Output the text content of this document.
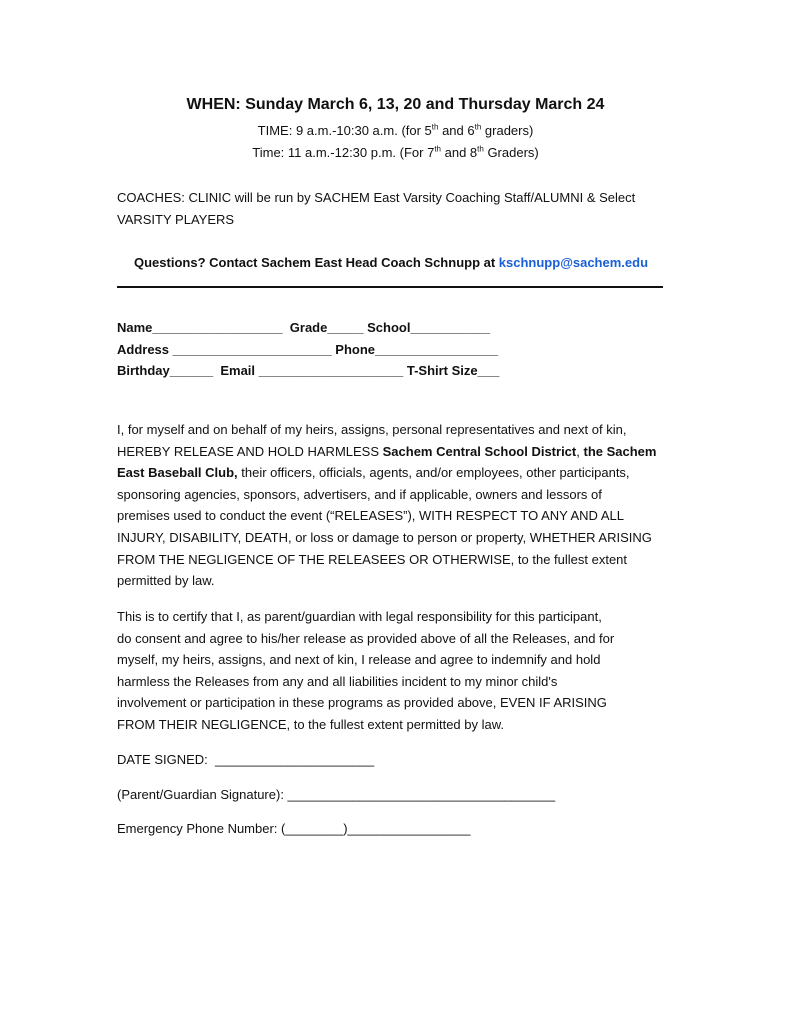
WHEN: Sunday March 6, 13, 20 and Thursday March 24
TIME: 9 a.m.-10:30 a.m. (for 5th and 6th graders)
Time: 11 a.m.-12:30 p.m. (For 7th and 8th Graders)
COACHES: CLINIC will be run by SACHEM East Varsity Coaching Staff/ALUMNI & Select
VARSITY PLAYERS
Questions? Contact Sachem East Head Coach Schnupp at kschnupp@sachem.edu
Name__________________  Grade_____ School___________
Address ______________________ Phone_________________
Birthday______  Email ____________________ T-Shirt Size___
I, for myself and on behalf of my heirs, assigns, personal representatives and next of kin,
HEREBY RELEASE AND HOLD HARMLESS Sachem Central School District, the Sachem
East Baseball Club, their officers, officials, agents, and/or employees, other participants,
sponsoring agencies, sponsors, advertisers, and if applicable, owners and lessors of
premises used to conduct the event (“RELEASES”), WITH RESPECT TO ANY AND ALL
INJURY, DISABILITY, DEATH, or loss or damage to person or property, WHETHER ARISING
FROM THE NEGLIGENCE OF THE RELEASEES OR OTHERWISE, to the fullest extent
permitted by law.
This is to certify that I, as parent/guardian with legal responsibility for this participant,
do consent and agree to his/her release as provided above of all the Releases, and for
myself, my heirs, assigns, and next of kin, I release and agree to indemnify and hold
harmless the Releases from any and all liabilities incident to my minor child's
involvement or participation in these programs as provided above, EVEN IF ARISING
FROM THEIR NEGLIGENCE, to the fullest extent permitted by law.
DATE SIGNED:  ______________________
(Parent/Guardian Signature): _____________________________________
Emergency Phone Number: (________)_________________
